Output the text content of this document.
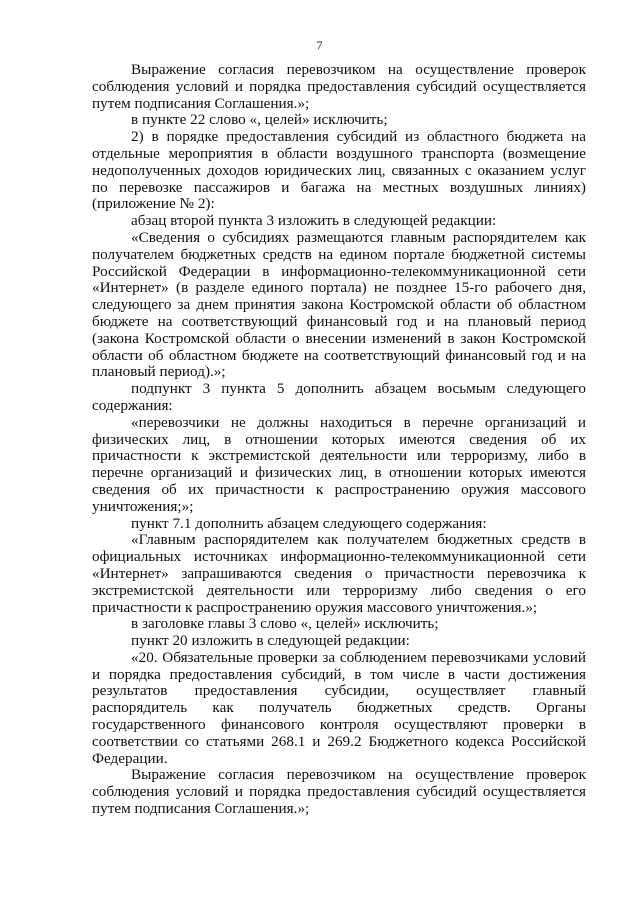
7

Выражение согласия перевозчиком на осуществление проверок соблюдения условий и порядка предоставления субсидий осуществляется путем подписания Соглашения.»;

в пункте 22 слово «, целей» исключить;

2) в порядке предоставления субсидий из областного бюджета на отдельные мероприятия в области воздушного транспорта (возмещение недополученных доходов юридических лиц, связанных с оказанием услуг по перевозке пассажиров и багажа на местных воздушных линиях) (приложение № 2):

абзац второй пункта 3 изложить в следующей редакции:

«Сведения о субсидиях размещаются главным распорядителем как получателем бюджетных средств на едином портале бюджетной системы Российской Федерации в информационно-телекоммуникационной сети «Интернет» (в разделе единого портала) не позднее 15-го рабочего дня, следующего за днем принятия закона Костромской области об областном бюджете на соответствующий финансовый год и на плановый период (закона Костромской области о внесении изменений в закон Костромской области об областном бюджете на соответствующий финансовый год и на плановый период).»;

подпункт 3 пункта 5 дополнить абзацем восьмым следующего содержания:

«перевозчики не должны находиться в перечне организаций и физических лиц, в отношении которых имеются сведения об их причастности к экстремистской деятельности или терроризму, либо в перечне организаций и физических лиц, в отношении которых имеются сведения об их причастности к распространению оружия массового уничтожения;»;

пункт 7.1 дополнить абзацем следующего содержания:

«Главным распорядителем как получателем бюджетных средств в официальных источниках информационно-телекоммуникационной сети «Интернет» запрашиваются сведения о причастности перевозчика к экстремистской деятельности или терроризму либо сведения о его причастности к распространению оружия массового уничтожения.»;

в заголовке главы 3 слово «, целей» исключить;

пункт 20 изложить в следующей редакции:

«20. Обязательные проверки за соблюдением перевозчиками условий и порядка предоставления субсидий, в том числе в части достижения результатов предоставления субсидии, осуществляет главный распорядитель как получатель бюджетных средств. Органы государственного финансового контроля осуществляют проверки в соответствии со статьями 268.1 и 269.2 Бюджетного кодекса Российской Федерации.

Выражение согласия перевозчиком на осуществление проверок соблюдения условий и порядка предоставления субсидий осуществляется путем подписания Соглашения.»;
